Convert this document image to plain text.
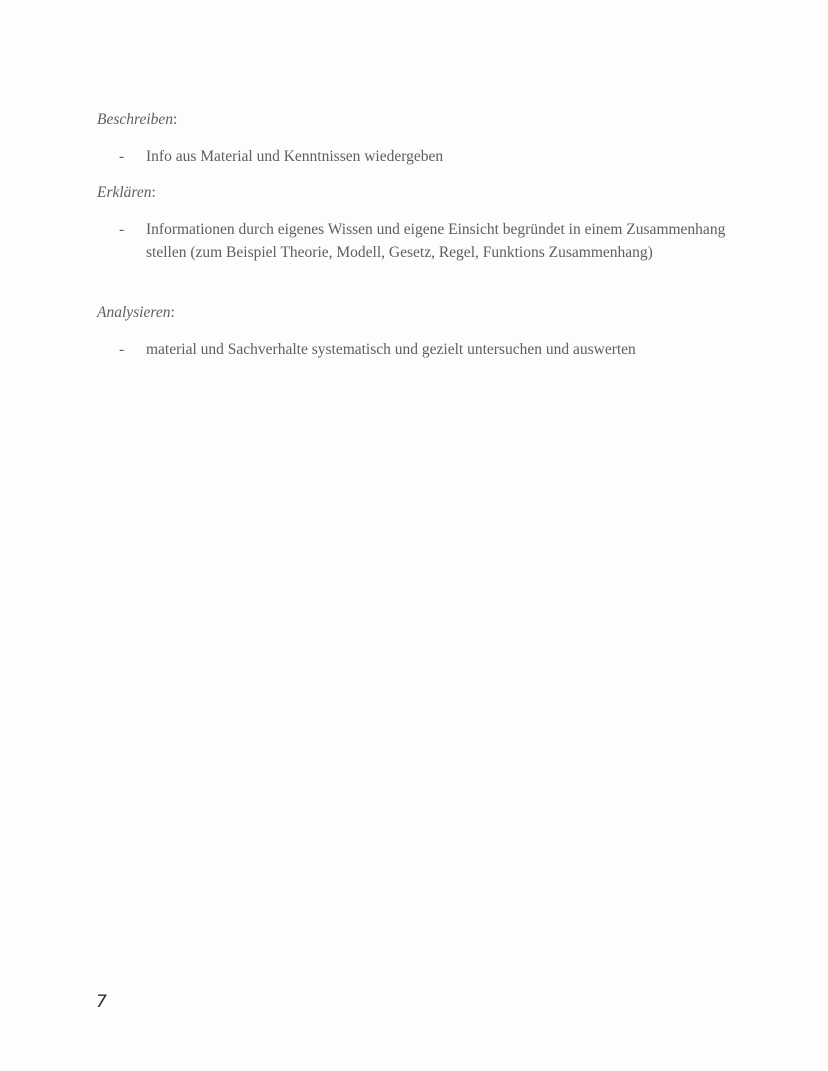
Beschreiben:

-	Info aus Material und Kenntnissen wiedergeben

Erklären:

-	Informationen durch eigenes Wissen und eigene Einsicht begründet in einem Zusammenhang stellen (zum Beispiel Theorie, Modell, Gesetz, Regel, Funktions Zusammenhang)

Analysieren:

-	material und Sachverhalte systematisch und gezielt untersuchen und auswerten
7
